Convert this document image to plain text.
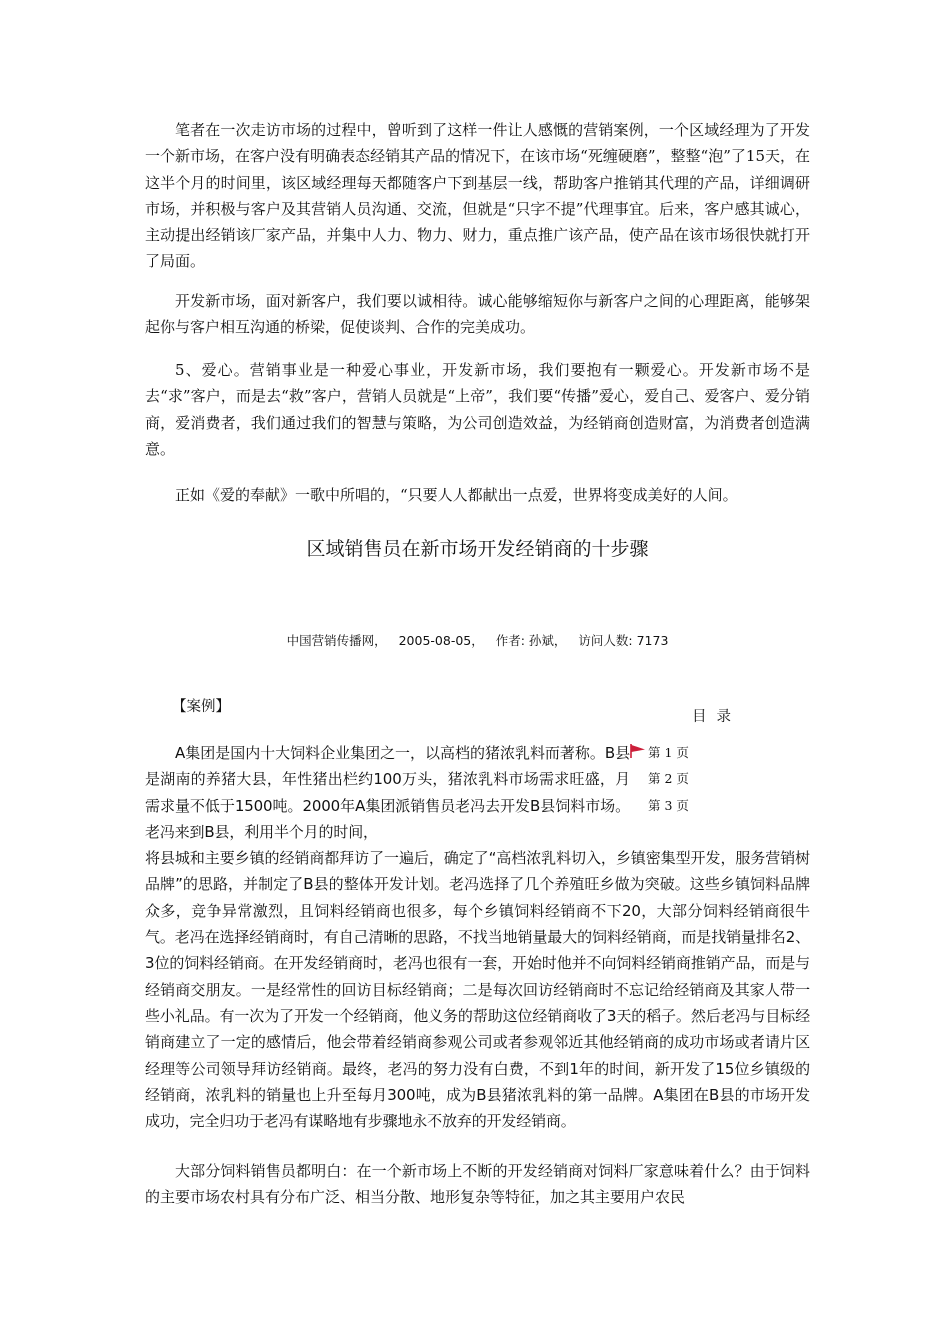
笔者在一次走访市场的过程中，曾听到了这样一件让人感慨的营销案例，一个区域经理为了开发一个新市场，在客户没有明确表态经销其产品的情况下，在该市场“死缠硬磨”，整整“泡”了15天，在这半个月的时间里，该区域经理每天都随客户下到基层一线，帮助客户推销其代理的产品，详细调研市场，并积极与客户及其营销人员沟通、交流，但就是“只字不提”代理事宜。后来，客户感其诚心，主动提出经销该厂家产品，并集中人力、物力、财力，重点推广该产品，使产品在该市场很快就打开了局面。

开发新市场，面对新客户，我们要以诚相待。诚心能够缩短你与新客户之间的心理距离，能够架起你与客户相互沟通的桥梁，促使谈判、合作的完美成功。

5、爱心。营销事业是一种爱心事业，开发新市场，我们要抱有一颗爱心。开发新市场不是去“求”客户，而是去“救”客户，营销人员就是“上帝”，我们要“传播”爱心，爱自己、爱客户、爱分销商，爱消费者，我们通过我们的智慧与策略，为公司创造效益，为经销商创造财富，为消费者创造满意。

正如《爱的奉献》一歌中所唱的，“只要人人都献出一点爱，世界将变成美好的人间。

区域销售员在新市场开发经销商的十步骤
中国营销传播网， 2005-08-05， 作者: 孙斌， 访问人数: 7173
【案例】
目录
第 1 页
第 2 页
第 3 页
A集团是国内十大饲料企业集团之一，以高档的猪浓乳料而著称。B县是湖南的养猪大县，年性猪出栏约100万头，猪浓乳料市场需求旺盛，月需求量不低于1500吨。2000年A集团派销售员老冯去开发B县饲料市场。老冯来到B县，利用半个月的时间，
将县城和主要乡镇的经销商都拜访了一遍后，确定了“高档浓乳料切入，乡镇密集型开发，服务营销树品牌”的思路，并制定了B县的整体开发计划。老冯选择了几个养殖旺乡做为突破。这些乡镇饲料品牌众多，竞争异常激烈，且饲料经销商也很多，每个乡镇饲料经销商不下20，大部分饲料经销商很牛气。老冯在选择经销商时，有自己清晰的思路，不找当地销量最大的饲料经销商，而是找销量排名2、3位的饲料经销商。在开发经销商时，老冯也很有一套，开始时他并不向饲料经销商推销产品，而是与经销商交朋友。一是经常性的回访目标经销商；二是每次回访经销商时不忘记给经销商及其家人带一些小礼品。有一次为了开发一个经销商，他义务的帮助这位经销商收了3天的稻子。然后老冯与目标经销商建立了一定的感情后，他会带着经销商参观公司或者参观邻近其他经销商的成功市场或者请片区经理等公司领导拜访经销商。最终，老冯的努力没有白费，不到1年的时间，新开发了15位乡镇级的经销商，浓乳料的销量也上升至每月300吨，成为B县猪浓乳料的第一品牌。A集团在B县的市场开发成功，完全归功于老冯有谋略地有步骤地永不放弃的开发经销商。

大部分饲料销售员都明白：在一个新市场上不断的开发经销商对饲料厂家意味着什么？由于饲料的主要市场农村具有分布广泛、相当分散、地形复杂等特征，加之其主要用户农民
